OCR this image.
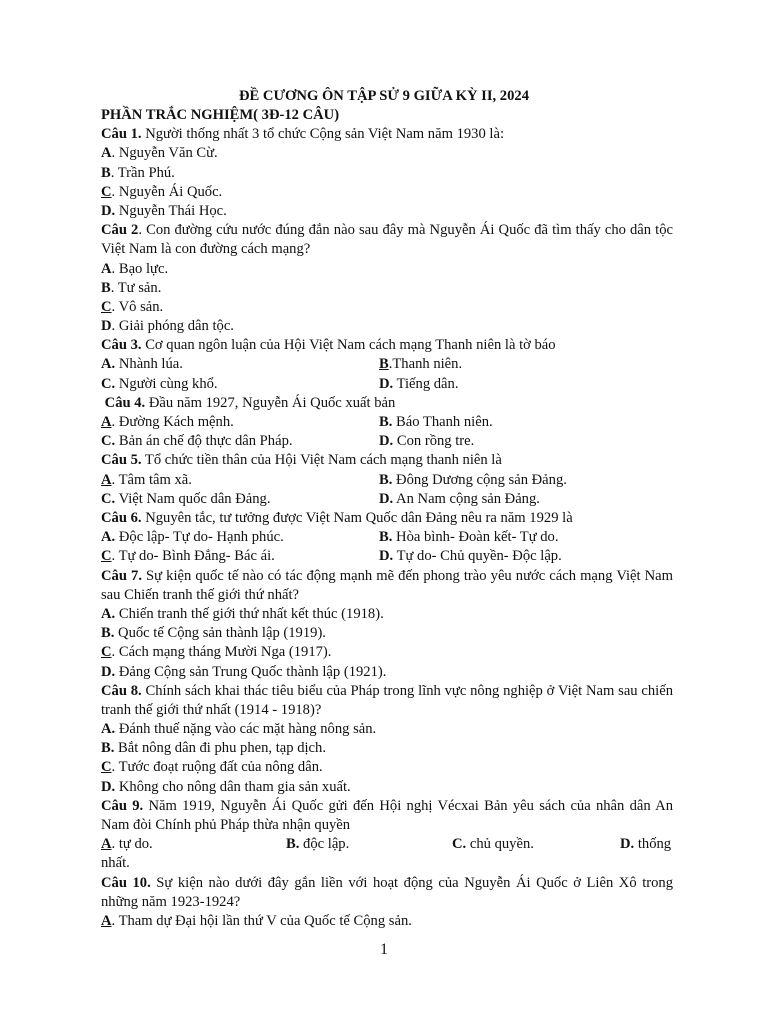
ĐỀ CƯƠNG ÔN TẬP SỬ 9 GIỮA KỲ II, 2024
PHẦN TRẮC NGHIỆM( 3Đ-12 CÂU)
Câu 1. Người thống nhất 3 tổ chức Cộng sản Việt Nam năm 1930 là:
A. Nguyễn Văn Cừ.
B. Trần Phú.
C. Nguyễn Ái Quốc.
D. Nguyễn Thái Học.
Câu 2. Con đường cứu nước đúng đắn nào sau đây mà Nguyễn Ái Quốc đã tìm thấy cho dân tộc Việt Nam là con đường cách mạng?
A. Bạo lực.
B. Tư sản.
C. Vô sản.
D. Giải phóng dân tộc.
Câu 3. Cơ quan ngôn luận của Hội Việt Nam cách mạng Thanh niên là tờ báo
A. Nhành lúa.	B.Thanh niên.
C. Người cùng khổ.	D. Tiếng dân.
Câu 4. Đầu năm 1927, Nguyễn Ái Quốc xuất bản
A. Đường Kách mệnh.	B. Báo Thanh niên.
C. Bản án chế độ thực dân Pháp.	D. Con rồng tre.
Câu 5. Tổ chức tiền thân của Hội Việt Nam cách mạng thanh niên là
A. Tâm tâm xã.	B. Đông Dương cộng sản Đảng.
C. Việt Nam quốc dân Đảng.	D. An Nam cộng sản Đảng.
Câu 6. Nguyên tắc, tư tưởng được Việt Nam Quốc dân Đảng nêu ra năm 1929 là
A. Độc lập- Tự do- Hạnh phúc.	B. Hòa bình- Đoàn kết- Tự do.
C. Tự do- Bình Đẳng- Bác ái.	D. Tự do- Chủ quyền- Độc lập.
Câu 7. Sự kiện quốc tế nào có tác động mạnh mẽ đến phong trào yêu nước cách mạng Việt Nam sau Chiến tranh thế giới thứ nhất?
A. Chiến tranh thế giới thứ nhất kết thúc (1918).
B. Quốc tế Cộng sản thành lập (1919).
C. Cách mạng tháng Mười Nga (1917).
D. Đảng Cộng sản Trung Quốc thành lập (1921).
Câu 8. Chính sách khai thác tiêu biểu của Pháp trong lĩnh vực nông nghiệp ở Việt Nam sau chiến tranh thế giới thứ nhất (1914 - 1918)?
A. Đánh thuế nặng vào các mặt hàng nông sản.
B. Bắt nông dân đi phu phen, tạp dịch.
C. Tước đoạt ruộng đất của nông dân.
D. Không cho nông dân tham gia sản xuất.
Câu 9. Năm 1919, Nguyễn Ái Quốc gửi đến Hội nghị Vécxai Bản yêu sách của nhân dân An Nam đòi Chính phủ Pháp thừa nhận quyền
A. tự do.	B. độc lập.	C. chủ quyền.	D. thống
nhất.
Câu 10. Sự kiện nào dưới đây gắn liền với hoạt động của Nguyễn Ái Quốc ở Liên Xô trong những năm 1923-1924?
A. Tham dự Đại hội lần thứ V của Quốc tế Cộng sản.
1
